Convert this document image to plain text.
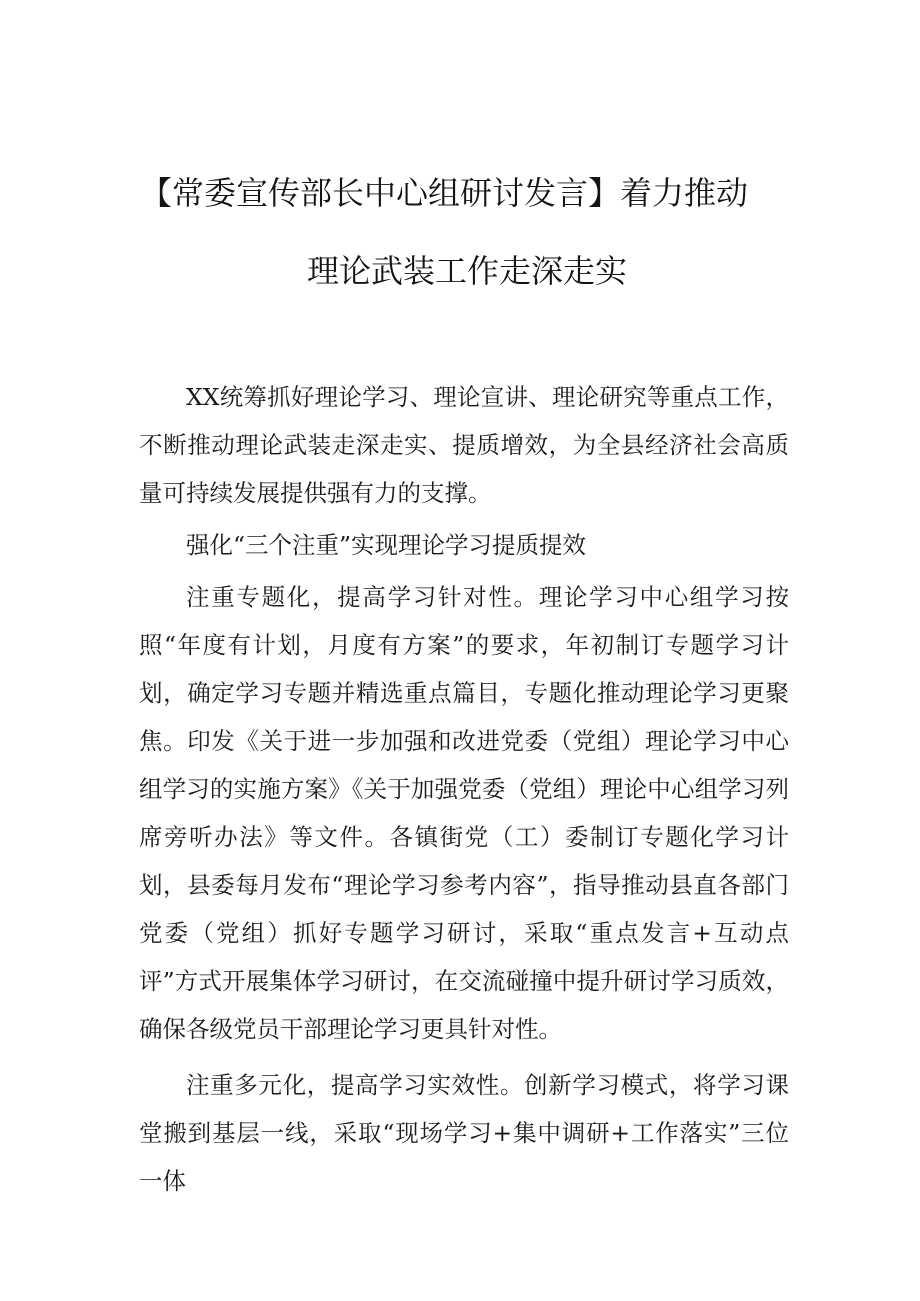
【常委宣传部长中心组研讨发言】着力推动
理论武装工作走深走实

XX统筹抓好理论学习、理论宣讲、理论研究等重点工作，不断推动理论武装走深走实、提质增效，为全县经济社会高质量可持续发展提供强有力的支撑。

强化“三个注重”实现理论学习提质提效

注重专题化，提高学习针对性。理论学习中心组学习按照“年度有计划，月度有方案”的要求，年初制订专题学习计划，确定学习专题并精选重点篇目，专题化推动理论学习更聚焦。印发《关于进一步加强和改进党委（党组）理论学习中心组学习的实施方案》《关于加强党委（党组）理论中心组学习列席旁听办法》等文件。各镇街党（工）委制订专题化学习计划，县委每月发布“理论学习参考内容”，指导推动县直各部门党委（党组）抓好专题学习研讨，采取“重点发言+互动点评”方式开展集体学习研讨，在交流碰撞中提升研讨学习质效，确保各级党员干部理论学习更具针对性。

注重多元化，提高学习实效性。创新学习模式，将学习课堂搬到基层一线，采取“现场学习+集中调研+工作落实”三位一体
